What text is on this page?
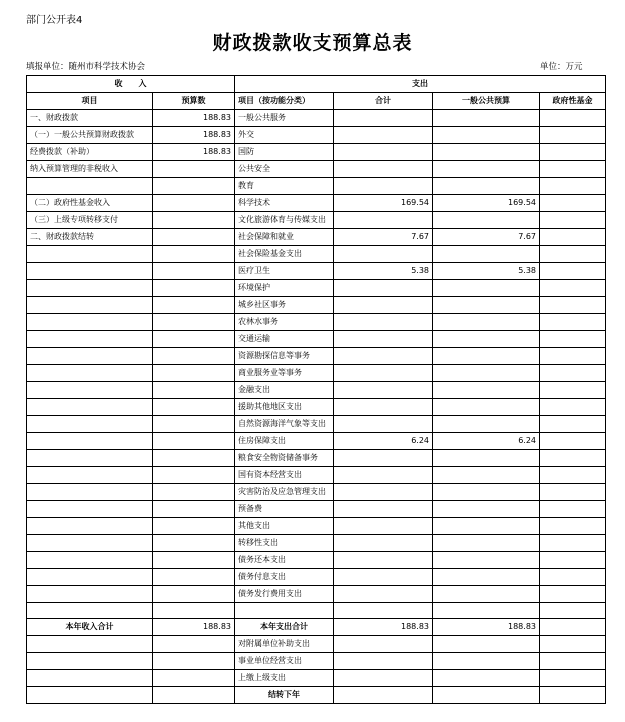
部门公开表4
财政拨款收支预算总表
填报单位：随州市科学技术协会	单位：万元
收　　入		支出			
项目	预算数	项目（按功能分类）	合计	一般公共预算	政府性基金
一、财政拨款	188.83	一般公共服务			
（一）一般公共预算财政拨款	188.83	外交			
经费拨款（补助）	188.83	国防			
纳入预算管理的非税收入		公共安全			
		教育			
（二）政府性基金收入		科学技术	169.54	169.54	
（三）上级专项转移支付		文化旅游体育与传媒支出			
二、财政拨款结转		社会保障和就业	7.67	7.67	
		社会保险基金支出			
		医疗卫生	5.38	5.38	
		环境保护			
		城乡社区事务			
		农林水事务			
		交通运输			
		资源勘探信息等事务			
		商业服务业等事务			
		金融支出			
		援助其他地区支出			
		自然资源海洋气象等支出			
		住房保障支出	6.24	6.24	
		粮食安全物资储备事务			
		国有资本经营支出			
		灾害防治及应急管理支出			
		预备费			
		其他支出			
		转移性支出			
		债务还本支出			
		债务付息支出			
		债务发行费用支出			

本年收入合计	188.83	本年支出合计	188.83	188.83	
		对附属单位补助支出			
		事业单位经营支出			
		上缴上级支出			
		结转下年			
